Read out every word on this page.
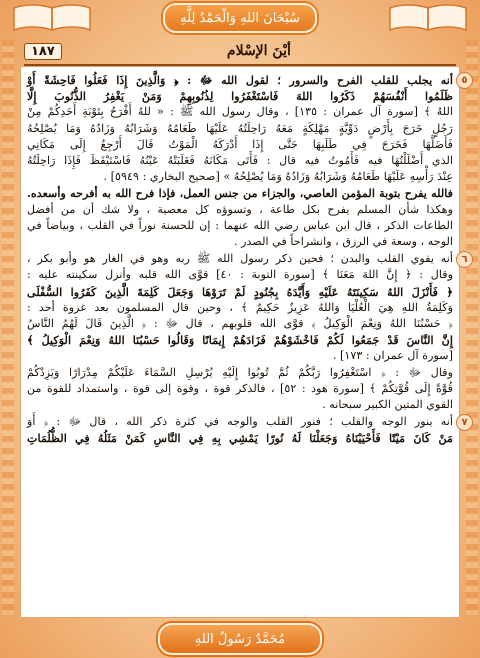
سُبْحَانَ اللهِ وَالْحَمْدُ لِلَّهِ
أيْنَ الإسْلام
١٨٧
٥
أنه يجلب للقلب الفرح والسرور ؛ لقول الله ﷻ : ﴿ وَالَّذِينَ إِذَا فَعَلُوا فَاحِشَةً أَوْ
ظَلَمُوا أَنْفُسَهُمْ ذَكَرُوا اللهَ فَاسْتَغْفَرُوا لِذُنُوبِهِمْ وَمَنْ يَغْفِرُ الذُّنُوبَ إِلَّا
اللهُ ﴾ [سورة آل عمران : ١٣٥] ، وقال رسول الله ﷺ : « للهُ أَفْرَحُ بِتَوْبَةِ أَحَدِكُمْ مِنْ
رَجُلٍ خَرَجَ بِأَرْضٍ دَوِّيَّةٍ مَهْلِكَةٍ مَعَهُ رَاحِلَتُهُ عَلَيْهَا طَعَامُهُ وَشَرَابُهُ وَزَادُهُ وَمَا يُصْلِحُهُ
فَأَضَلَّهَا فَخَرَجَ فِي طَلَبِهَا حَتَّى إِذَا أَدْرَكَهُ الْمَوْتُ قَالَ أَرْجِعُ إِلَى مَكَانِي
الذي أَضْلَلْتُهَا فيه فَأَمُوتُ فيه قال : فَأَتَى مَكَانَهُ فَغَلَبَتْهُ عَيْنُهُ فَاسْتَيْقَظَ فَإِذَا رَاحِلَتُهُ
عِنْدَ رَأْسِهِ عَلَيْهَا طَعَامُهُ وَشَرَابُهُ وَزَادُهُ وَمَا يُصْلِحُهُ » [صحيح البخاري : ٥٩٤٩] .
فالله يفرح بتوبة المؤمن العاصي، والجزاء من جنس العمل، فإذا فرح الله به أفرحه وأسعده.
وهكذا شأن المسلم يفرح بكل طاعة ، وتسوؤه كل معصية ، ولا شك أن من أفضل
الطاعات الذكر ، قال ابن عباس رضي الله عنهما : إن للحسنة نوراً في القلب ، وبياضاً في
الوجه ، وسعة في الرزق ، وانشراحاً في الصدر .
٦
أنه يقوي القلب والبدن ؛ فحين ذكر رسول الله ﷺ ربه وهو في الغار هو وأبو بكر ،
وقال : ﴿ إِنَّ اللهَ مَعَنَا ﴾ [سورة التوبة : ٤٠] قوَّى الله قلبه وأنزل سكينته عليه :
﴿ فَأَنْزَلَ اللهُ سَكِينَتَهُ عَلَيْهِ وَأَيَّدَهُ بِجُنُودٍ لَمْ تَرَوْهَا وَجَعَلَ كَلِمَةَ الَّذِينَ كَفَرُوا السُّفْلَى
وَكَلِمَةُ اللهِ هِيَ الْعُلْيَا وَاللهُ عَزِيزٌ حَكِيمٌ ﴾ ، وحين قال المسلمون بعد غزوة أحد :
﴿ حَسْبُنَا اللهُ وَنِعْمَ الْوَكِيلُ ﴾ قوَّى الله قلوبهم ، قال ﷻ : ﴿ الَّذِينَ قَالَ لَهُمُ النَّاسُ
إِنَّ النَّاسَ قَدْ جَمَعُوا لَكُمْ فَاخْشَوْهُمْ فَزَادَهُمْ إِيمَانًا وَقَالُوا حَسْبُنَا اللهُ وَنِعْمَ الْوَكِيلُ ﴾
[سورة آل عمران : ١٧٣] .
وقال ﷻ : ﴿ اسْتَغْفِرُوا رَبَّكُمْ ثُمَّ تُوبُوا إِلَيْهِ يُرْسِلِ السَّمَاءَ عَلَيْكُمْ مِدْرَارًا وَيَزِدْكُمْ
قُوَّةً إِلَى قُوَّتِكُمْ ﴾ [سورة هود : ٥٢] ، فالذكر قوة ، وقوة إلى قوة ، واستمداد للقوة من
القوي المتين الكبير سبحانه .
٧
أنه ينور الوجه والقلب ؛ فنور القلب والوجه في كثرة ذكر الله ، قال ﷻ : ﴿ أَوَ
مَنْ كَانَ مَيْتًا فَأَحْيَيْنَاهُ وَجَعَلْنَا لَهُ نُورًا يَمْشِي بِهِ فِي النَّاسِ كَمَنْ مَثَلُهُ فِي الظُّلُمَاتِ
مُحَمَّدٌ رَسُولُ اللهِ
